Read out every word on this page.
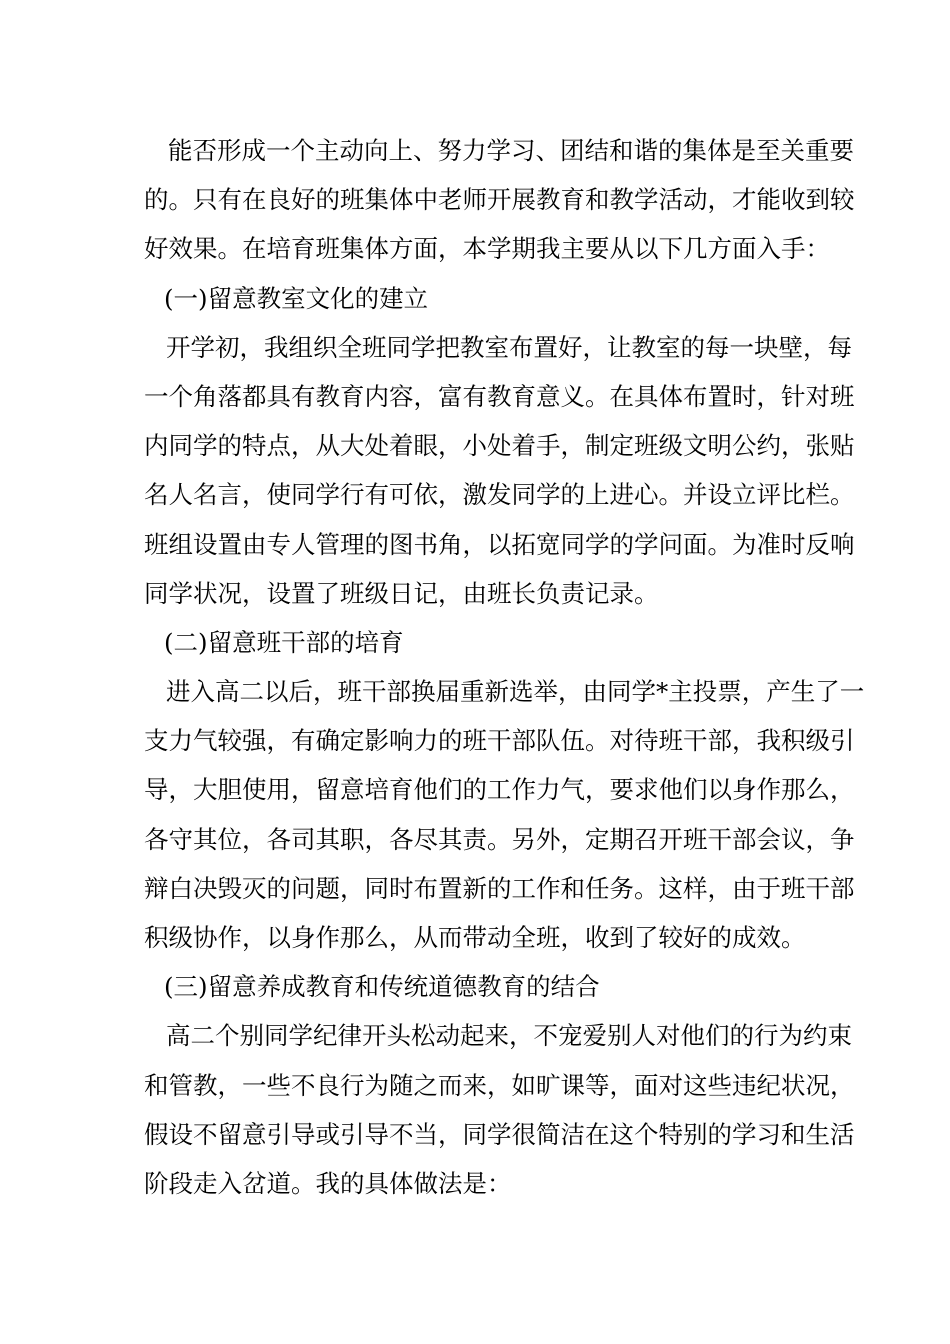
能否形成一个主动向上、努力学习、团结和谐的集体是至关重要
的。只有在良好的班集体中老师开展教育和教学活动，才能收到较
好效果。在培育班集体方面，本学期我主要从以下几方面入手：
(一)留意教室文化的建立
开学初，我组织全班同学把教室布置好，让教室的每一块壁，每
一个角落都具有教育内容，富有教育意义。在具体布置时，针对班
内同学的特点，从大处着眼，小处着手，制定班级文明公约，张贴
名人名言，使同学行有可依，激发同学的上进心。并设立评比栏。
班组设置由专人管理的图书角，以拓宽同学的学问面。为准时反响
同学状况，设置了班级日记，由班长负责记录。
(二)留意班干部的培育
进入高二以后，班干部换届重新选举，由同学*主投票，产生了一
支力气较强，有确定影响力的班干部队伍。对待班干部，我积级引
导，大胆使用，留意培育他们的工作力气，要求他们以身作那么，
各守其位，各司其职，各尽其责。另外，定期召开班干部会议，争
辩白决毁灭的问题，同时布置新的工作和任务。这样，由于班干部
积级协作，以身作那么，从而带动全班，收到了较好的成效。
(三)留意养成教育和传统道德教育的结合
高二个别同学纪律开头松动起来，不宠爱别人对他们的行为约束
和管教，一些不良行为随之而来，如旷课等，面对这些违纪状况，
假设不留意引导或引导不当，同学很简洁在这个特别的学习和生活
阶段走入岔道。我的具体做法是：
